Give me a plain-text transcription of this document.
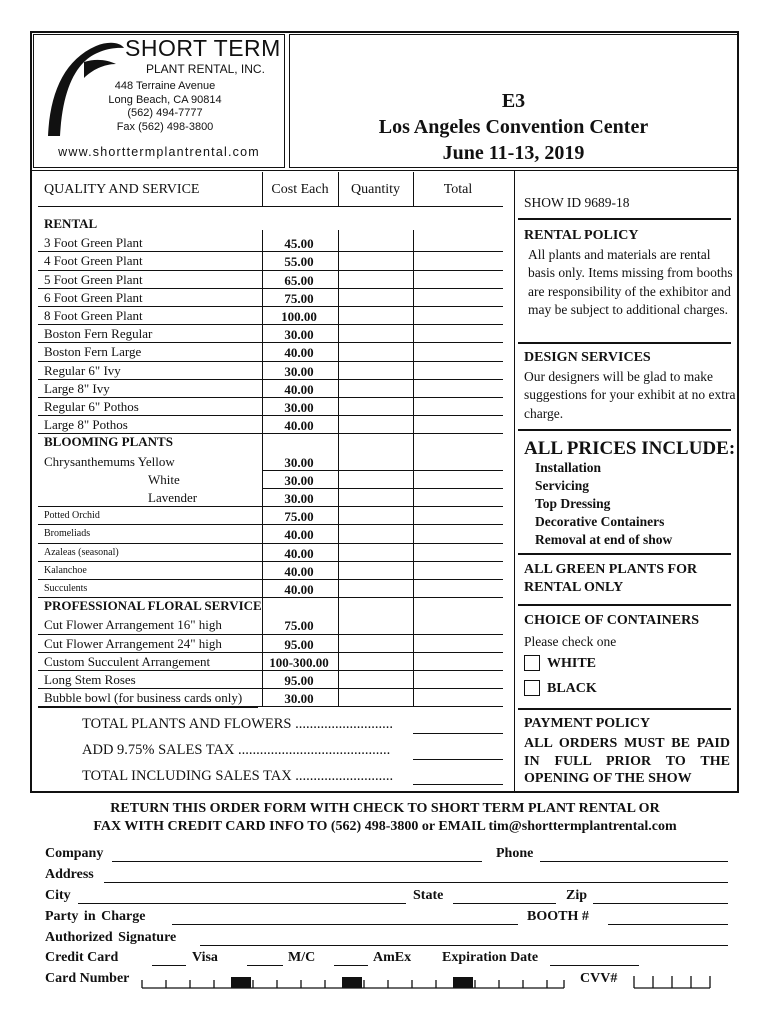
SHORT TERM
PLANT RENTAL, INC.
448 Terraine Avenue
Long Beach, CA 90814
(562) 494-7777
Fax (562) 498-3800
www.shorttermplantrental.com
E3
Los Angeles Convention Center
June 11-13, 2019
QUALITY AND SERVICE	Cost Each	Quantity	Total
RENTAL
3 Foot Green Plant	45.00
4 Foot Green Plant	55.00
5 Foot Green Plant	65.00
6 Foot Green Plant	75.00
8 Foot Green Plant	100.00
Boston Fern Regular	30.00
Boston Fern Large	40.00
Regular 6" Ivy	30.00
Large 8" Ivy	40.00
Regular 6" Pothos	30.00
Large 8" Pothos	40.00
BLOOMING PLANTS
Chrysanthemums Yellow	30.00
White	30.00
Lavender	30.00
Potted Orchid	75.00
Bromeliads	40.00
Azaleas (seasonal)	40.00
Kalanchoe	40.00
Succulents	40.00
PROFESSIONAL FLORAL SERVICE
Cut Flower Arrangement 16" high	75.00
Cut Flower Arrangement 24" high	95.00
Custom Succulent Arrangement	100-300.00
Long Stem Roses	95.00
Bubble bowl (for business cards only)	30.00
TOTAL PLANTS AND FLOWERS ...........................
ADD 9.75% SALES TAX ..........................................
TOTAL INCLUDING SALES TAX ...........................
SHOW ID 9689-18
RENTAL POLICY
All plants and materials are rental basis only. Items missing from booths are responsibility of the exhibitor and may be subject to additional charges.
DESIGN SERVICES
Our designers will be glad to make suggestions for your exhibit at no extra charge.
ALL PRICES INCLUDE:
Installation
Servicing
Top Dressing
Decorative Containers
Removal at end of show
ALL GREEN PLANTS FOR RENTAL ONLY
CHOICE OF CONTAINERS
Please check one
WHITE
BLACK
PAYMENT POLICY
ALL ORDERS MUST BE PAID IN FULL PRIOR TO THE OPENING OF THE SHOW
RETURN THIS ORDER FORM WITH CHECK TO SHORT TERM PLANT RENTAL OR
FAX WITH CREDIT CARD INFO TO (562) 498-3800 or EMAIL tim@shorttermplantrental.com
Company	Phone
Address
City	State	Zip
Party in Charge	BOOTH #
Authorized Signature
Credit Card	Visa	M/C	AmEx Expiration Date
Card Number	CVV#
